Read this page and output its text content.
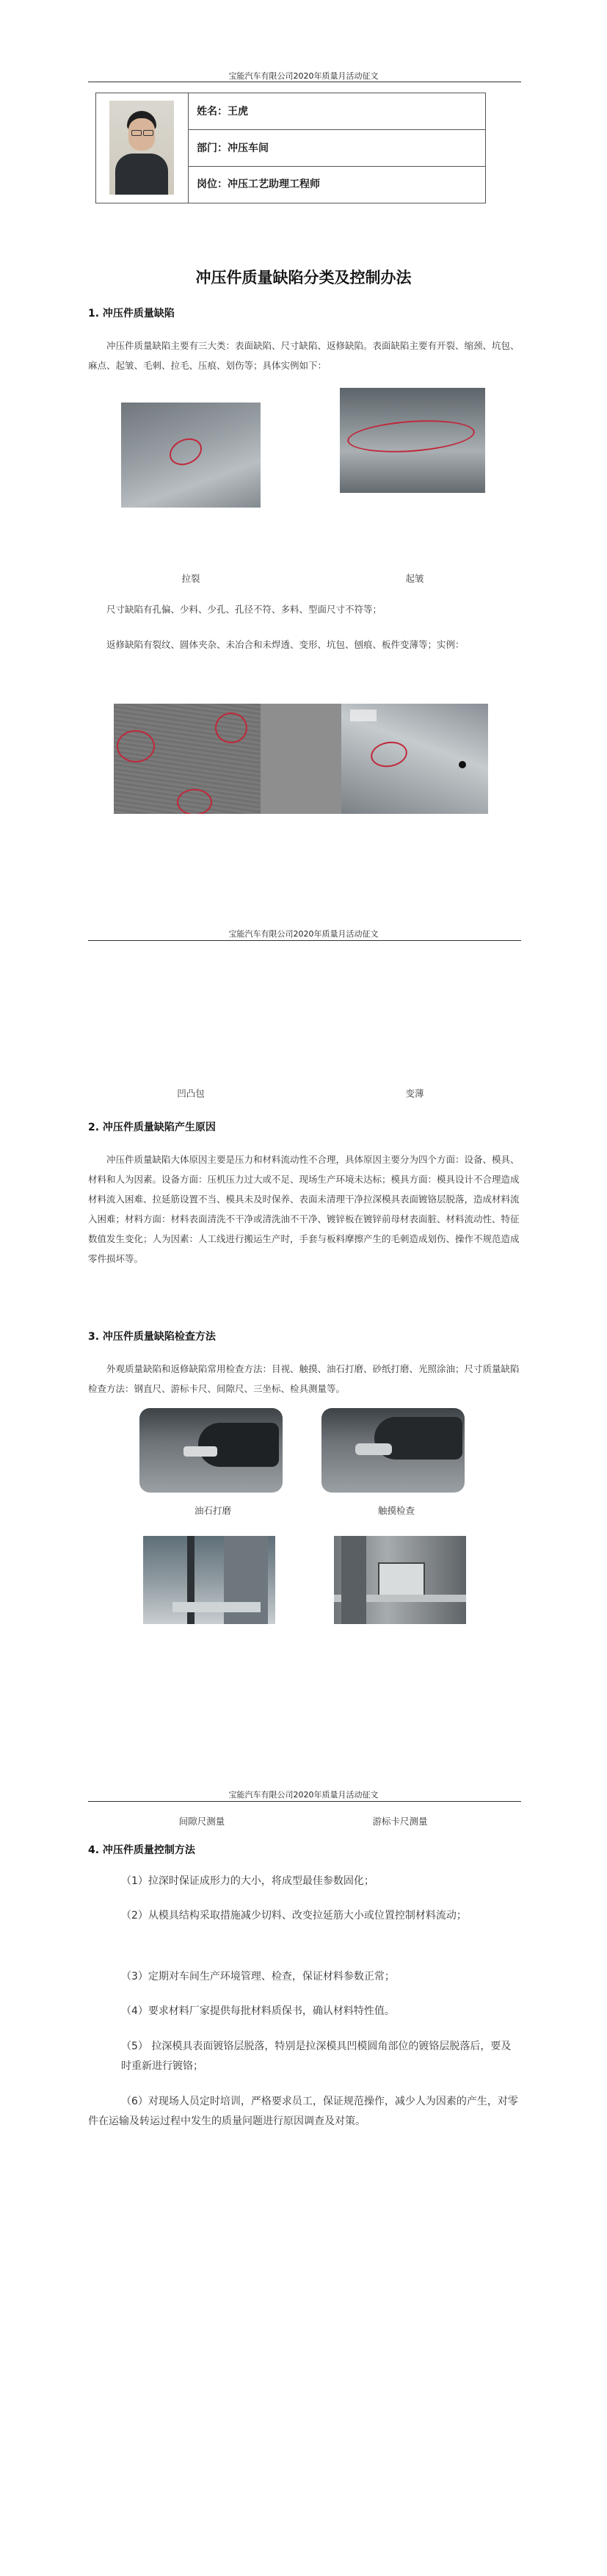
宝能汽车有限公司2020年质量月活动征文
姓名：王虎
部门：冲压车间
岗位：冲压工艺助理工程师
冲压件质量缺陷分类及控制办法
1. 冲压件质量缺陷

冲压件质量缺陷主要有三大类：表面缺陷、尺寸缺陷、返修缺陷。表面缺陷主要有开裂、缩颈、坑包、麻点、起皱、毛刺、拉毛、压痕、划伤等；具体实例如下：

拉裂	起皱

尺寸缺陷有孔偏、少料、少孔、孔径不符、多料、型面尺寸不符等；

返修缺陷有裂纹、圆体夹杂、未冶合和未焊透、变形、坑包、刨痕、板件变薄等；实例：

宝能汽车有限公司2020年质量月活动征文
凹凸包	变薄
2. 冲压件质量缺陷产生原因

冲压件质量缺陷大体原因主要是压力和材料流动性不合理，具体原因主要分为四个方面：设备、模具、材料和人为因素。设备方面：压机压力过大或不足、现场生产环境未达标；模具方面：模具设计不合理造成材料流入困难、拉延筋设置不当、模具未及时保养、表面未清理干净拉深模具表面镀铬层脱落，造成材料流入困难；材料方面：材料表面清洗不干净或清洗油不干净、镀锌板在镀锌前母材表面脏、材料流动性、特征数值发生变化；人为因素：人工线进行搬运生产时，手套与板料摩擦产生的毛刺造成划伤、操作不规范造成零件损坏等。

3. 冲压件质量缺陷检查方法

外观质量缺陷和返修缺陷常用检查方法：目视、触摸、油石打磨、砂纸打磨、光照涂油；尺寸质量缺陷检查方法：钢直尺、游标卡尺、间隙尺、三坐标、检具测量等。

油石打磨	触摸检查
宝能汽车有限公司2020年质量月活动征文
间隙尺测量	游标卡尺测量
4. 冲压件质量控制方法
（1）拉深时保证成形力的大小，将成型最佳参数固化；
（2）从模具结构采取措施减少切料、改变拉延筋大小或位置控制材料流动；
（3）定期对车间生产环境管理、检查，保证材料参数正常；
（4）要求材料厂家提供每批材料质保书，确认材料特性值。
（5） 拉深模具表面镀铬层脱落，特别是拉深模具凹模圆角部位的镀铬层脱落后，要及时重新进行镀铬；
（6）对现场人员定时培训，严格要求员工，保证规范操作，减少人为因素的产生，对零件在运输及转运过程中发生的质量问题进行原因调查及对策。
